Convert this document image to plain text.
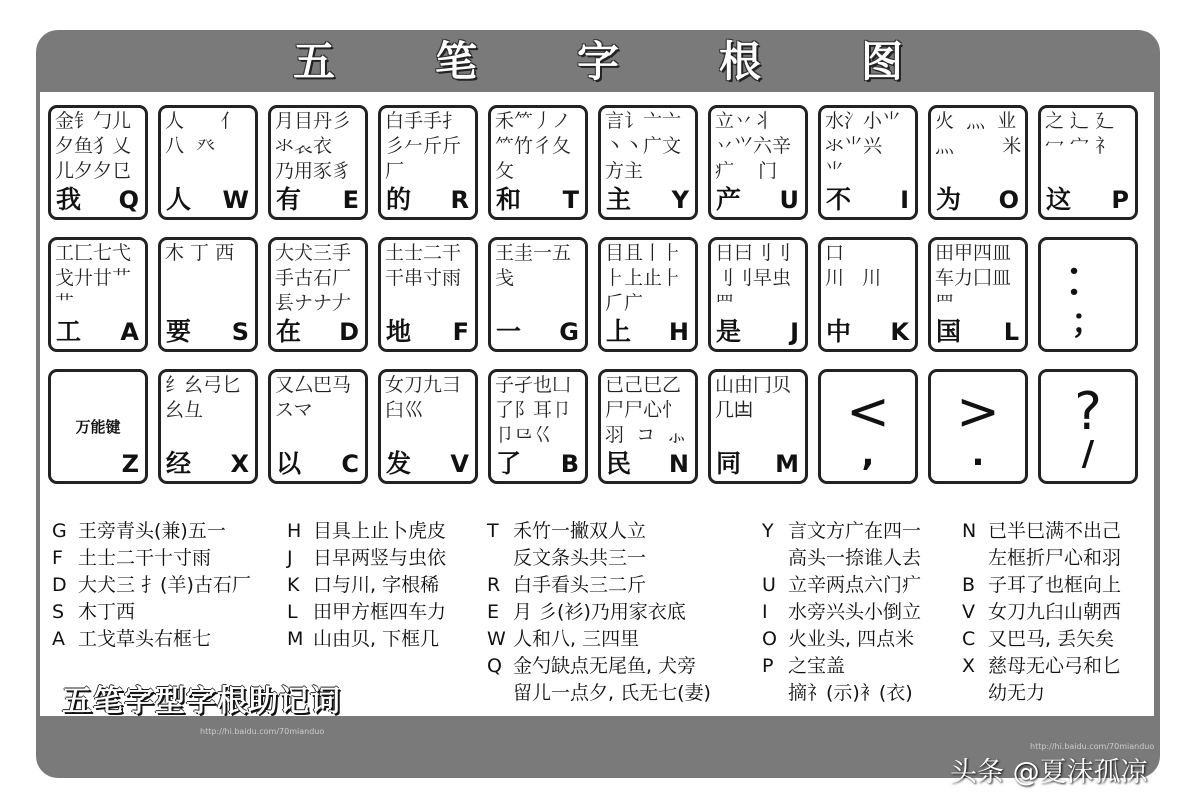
五笔字根图
金钅勹儿
夕鱼犭乂
儿夕夕㔾
我 Q
人      亻
八  癶
人 W
月目丹彡
氺𧘇衣
乃用豕豸
有 E
白手手扌
彡𠂉斤斤
厂
的 R
禾⺮丿ノ
⺮竹彳夂
攵
和 T
言讠亠亠
丶丶广文
方主
主 Y
立丷丬
丷⺍六辛
疒    门
产 U
水氵小⺌
氺⺌兴
⺌
不 I
火  灬  业
灬        米
为 O
之 辶 廴
冖 宀 礻
这 P
工匚七弋
戈廾廿艹
艹
工 A
木 丁 西
要 S
大犬三手
手古石厂
镸ナナ𠂇
在 D
土士二干
干串寸雨
地 F
王圭一五
戋
一 G
目且丨⺊
⺊上止⺊
𠂆广
上 H
日曰刂刂
刂刂早虫
罒
是 J
口
川   川
中 K
田甲四皿
车力囗皿
罒
国 L
：
；
万能键
Z
纟幺弓匕
幺彑
经 X
又厶巴马
スマ
以 C
女刀九彐
臼巛
发 V
子孑也凵
了阝耳卩
卩⺋巜
了 B
已己巳乙
尸尸心忄
羽  コ  ⺗
民 N
山由冂贝
几𠙽
同 M
<
,
>
.
?
/
G 王旁青头(兼)五一
F 土士二干十寸雨
D 大犬三 扌(羊)古石厂
S 木丁西
A 工戈草头右框七
H 目具上止卜虎皮
J 日早两竖与虫依
K 口与川, 字根稀
L 田甲方框四车力
M 山由贝, 下框几
T 禾竹一撇双人立
反文条头共三一
R 白手看头三二斤
E 月 彡(衫)乃用家衣底
W 人和八, 三四里
Q 金勺缺点无尾鱼, 犬旁
留儿一点夕, 氏无七(妻)
Y 言文方广在四一
高头一捺谁人去
U 立辛两点六门疒
I 水旁兴头小倒立
O 火业头, 四点米
P 之宝盖
摘礻(示)衤(衣)
N 已半巳满不出己
左框折尸心和羽
B 子耳了也框向上
V 女刀九臼山朝西
C 又巴马, 丢矢矣
X 慈母无心弓和匕
幼无力
五笔字型字根助记词
http://hi.baidu.com/70mianduo
http://hi.baidu.com/70mianduo
头条 @夏沫孤凉
